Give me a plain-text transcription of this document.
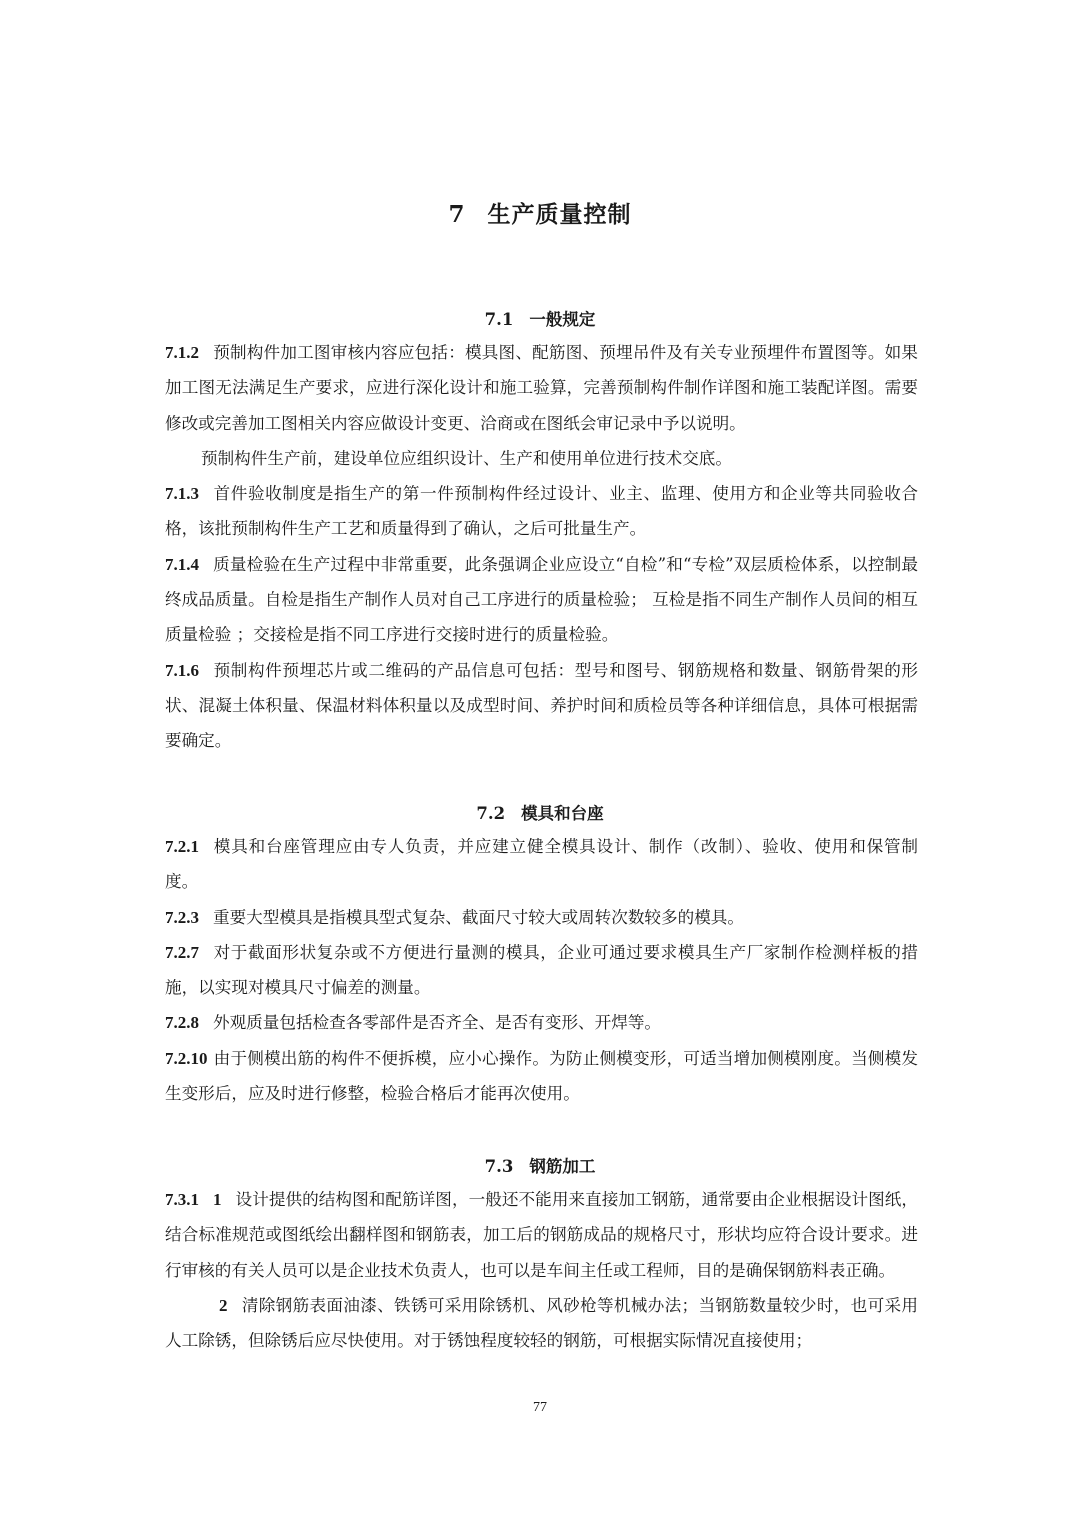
7 生产质量控制
7.1 一般规定

7.1.2 预制构件加工图审核内容应包括：模具图、配筋图、预埋吊件及有关专业预埋件布置图等。如果加工图无法满足生产要求，应进行深化设计和施工验算，完善预制构件制作详图和施工装配详图。需要修改或完善加工图相关内容应做设计变更、洽商或在图纸会审记录中予以说明。

预制构件生产前，建设单位应组织设计、生产和使用单位进行技术交底。

7.1.3 首件验收制度是指生产的第一件预制构件经过设计、业主、监理、使用方和企业等共同验收合格，该批预制构件生产工艺和质量得到了确认，之后可批量生产。

7.1.4 质量检验在生产过程中非常重要，此条强调企业应设立“自检”和“专检”双层质检体系，以控制最终成品质量。自检是指生产制作人员对自己工序进行的质量检验； 互检是指不同生产制作人员间的相互质量检验 ；交接检是指不同工序进行交接时进行的质量检验。

7.1.6 预制构件预埋芯片或二维码的产品信息可包括：型号和图号、钢筋规格和数量、钢筋骨架的形状、混凝土体积量、保温材料体积量以及成型时间、养护时间和质检员等各种详细信息，具体可根据需要确定。

7.2 模具和台座

7.2.1 模具和台座管理应由专人负责，并应建立健全模具设计、制作（改制）、验收、使用和保管制度。

7.2.3 重要大型模具是指模具型式复杂、截面尺寸较大或周转次数较多的模具。

7.2.7 对于截面形状复杂或不方便进行量测的模具，企业可通过要求模具生产厂家制作检测样板的措施，以实现对模具尺寸偏差的测量。

7.2.8 外观质量包括检查各零部件是否齐全、是否有变形、开焊等。

7.2.10 由于侧模出筋的构件不便拆模，应小心操作。为防止侧模变形，可适当增加侧模刚度。当侧模发生变形后，应及时进行修整，检验合格后才能再次使用。

7.3 钢筋加工

7.3.1 1 设计提供的结构图和配筋详图，一般还不能用来直接加工钢筋，通常要由企业根据设计图纸，结合标准规范或图纸绘出翻样图和钢筋表，加工后的钢筋成品的规格尺寸，形状均应符合设计要求。进行审核的有关人员可以是企业技术负责人，也可以是车间主任或工程师，目的是确保钢筋料表正确。

2 清除钢筋表面油漆、铁锈可采用除锈机、风砂枪等机械办法；当钢筋数量较少时，也可采用人工除锈，但除锈后应尽快使用。对于锈蚀程度较轻的钢筋，可根据实际情况直接使用；

77
